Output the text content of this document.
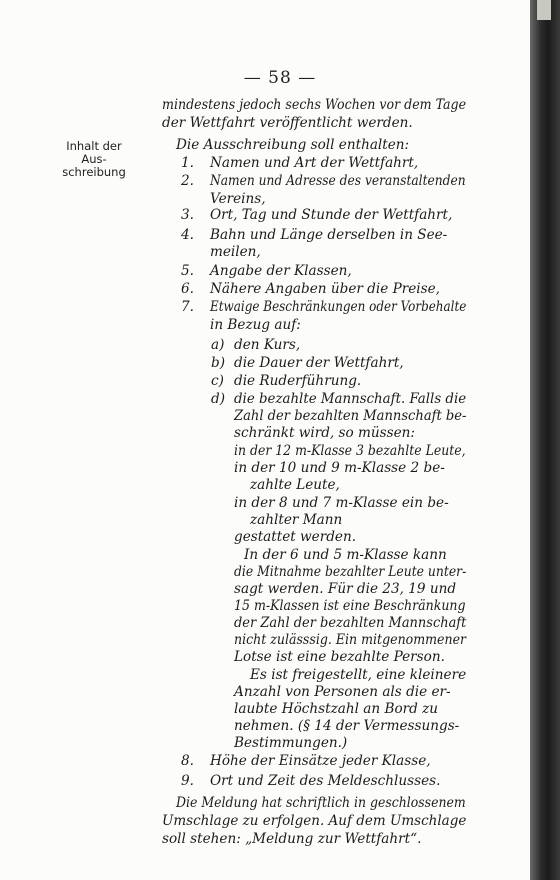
— 58 —
Inhalt der
Aus-
schreibung
mindestens jedoch sechs Wochen vor dem Tage
der Wettfahrt veröffentlicht werden.
Die Ausschreibung soll enthalten:
1. Namen und Art der Wettfahrt,
2. Namen und Adresse des veranstaltenden
Vereins,
3. Ort, Tag und Stunde der Wettfahrt,
4. Bahn und Länge derselben in See-
meilen,
5. Angabe der Klassen,
6. Nähere Angaben über die Preise,
7. Etwaige Beschränkungen oder Vorbehalte
in Bezug auf:
a) den Kurs,
b) die Dauer der Wettfahrt,
c) die Ruderführung.
d) die bezahlte Mannschaft. Falls die
Zahl der bezahlten Mannschaft be-
schränkt wird, so müssen:
in der 12 m-Klasse 3 bezahlte Leute,
in der 10 und 9 m-Klasse 2 be-
zahlte Leute,
in der 8 und 7 m-Klasse ein be-
zahlter Mann
gestattet werden.
In der 6 und 5 m-Klasse kann
die Mitnahme bezahlter Leute unter-
sagt werden. Für die 23, 19 und
15 m-Klassen ist eine Beschränkung
der Zahl der bezahlten Mannschaft
nicht zulässsig. Ein mitgenommener
Lotse ist eine bezahlte Person.
Es ist freigestellt, eine kleinere
Anzahl von Personen als die er-
laubte Höchstzahl an Bord zu
nehmen. (§ 14 der Vermessungs-
Bestimmungen.)
8. Höhe der Einsätze jeder Klasse,
9. Ort und Zeit des Meldeschlusses.
Die Meldung hat schriftlich in geschlossenem
Umschlage zu erfolgen. Auf dem Umschlage
soll stehen: „Meldung zur Wettfahrt“.
